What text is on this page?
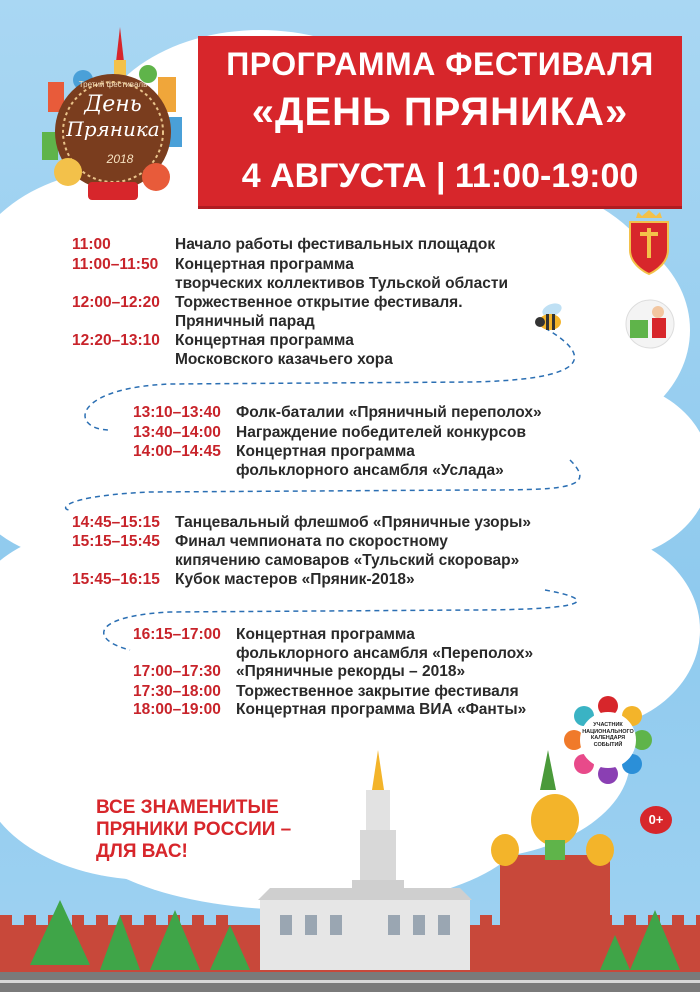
Третий фестиваль
День
Пряника
2018
ПРОГРАММА ФЕСТИВАЛЯ
«ДЕНЬ ПРЯНИКА»
4 АВГУСТА | 11:00-19:00
11:00	Начало работы фестивальных площадок
11:00–11:50 Концертная программа
творческих коллективов Тульской области
12:00–12:20 Торжественное открытие фестиваля.
Пряничный парад
12:20–13:10 Концертная программа
Московского казачьего хора
13:10–13:40 Фолк-баталии «Пряничный переполох»
13:40–14:00 Награждение победителей конкурсов
14:00–14:45 Концертная программа
фольклорного ансамбля «Услада»
14:45–15:15 Танцевальный флешмоб «Пряничные узоры»
15:15–15:45 Финал чемпионата по скоростному
кипячению самоваров «Тульский скоровар»
15:45–16:15 Кубок мастеров «Пряник-2018»
16:15–17:00 Концертная программа
фольклорного ансамбля «Переполох»
17:00–17:30 «Пряничные рекорды – 2018»
17:30–18:00 Торжественное закрытие фестиваля
18:00–19:00 Концертная программа ВИА «Фанты»
УЧАСТНИК
НАЦИОНАЛЬНОГО
КАЛЕНДАРЯ
СОБЫТИЙ
ВСЕ ЗНАМЕНИТЫЕ
ПРЯНИКИ РОССИИ –
ДЛЯ ВАС!
0+
